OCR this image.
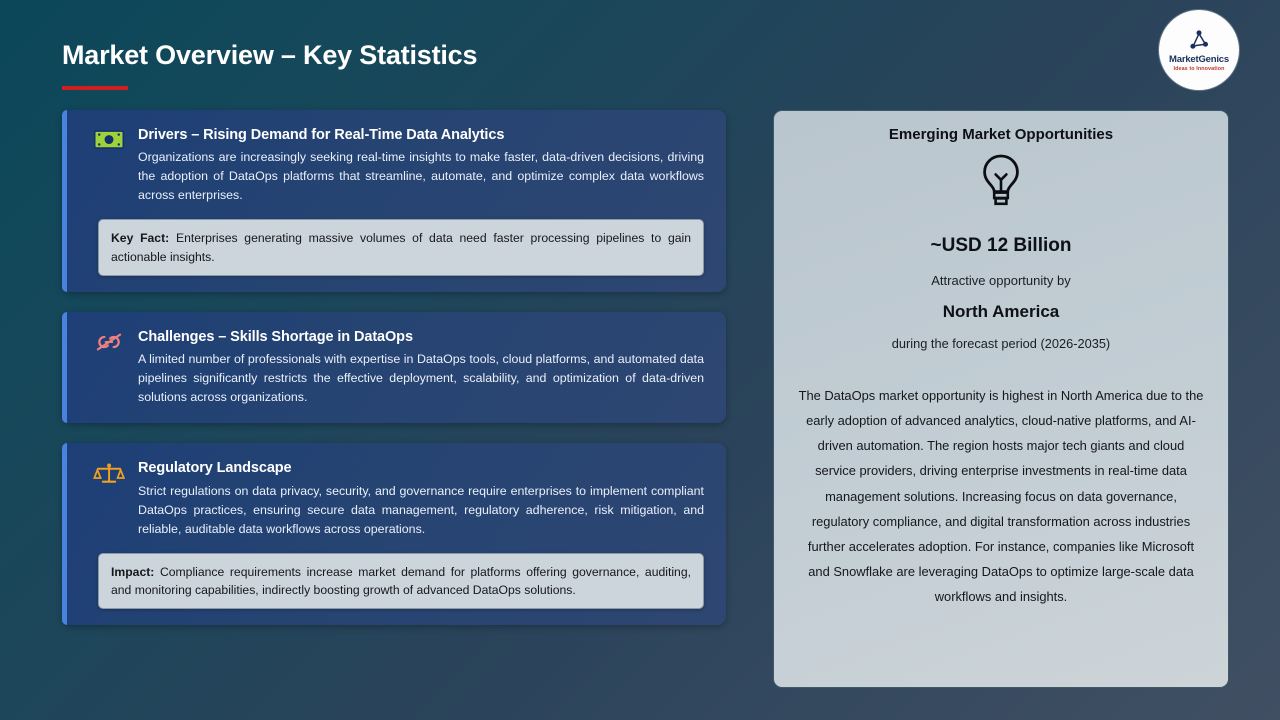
Market Overview – Key Statistics	MarketGenics
Ideas to Innovation
Drivers – Rising Demand for Real-Time Data Analytics
Organizations are increasingly seeking real-time insights to make faster, data-driven decisions, driving the adoption of DataOps platforms that streamline, automate, and optimize complex data workflows across enterprises.
Key Fact: Enterprises generating massive volumes of data need faster processing pipelines to gain actionable insights.
Challenges – Skills Shortage in DataOps
A limited number of professionals with expertise in DataOps tools, cloud platforms, and automated data pipelines significantly restricts the effective deployment, scalability, and optimization of data-driven solutions across organizations.
Regulatory Landscape
Strict regulations on data privacy, security, and governance require enterprises to implement compliant DataOps practices, ensuring secure data management, regulatory adherence, risk mitigation, and reliable, auditable data workflows across operations.
Impact: Compliance requirements increase market demand for platforms offering governance, auditing, and monitoring capabilities, indirectly boosting growth of advanced DataOps solutions.
Emerging Market Opportunities
~USD 12 Billion
Attractive opportunity by
North America
during the forecast period (2026-2035)
The DataOps market opportunity is highest in North America due to the early adoption of advanced analytics, cloud-native platforms, and AI-driven automation. The region hosts major tech giants and cloud service providers, driving enterprise investments in real-time data management solutions. Increasing focus on data governance, regulatory compliance, and digital transformation across industries further accelerates adoption. For instance, companies like Microsoft and Snowflake are leveraging DataOps to optimize large-scale data workflows and insights.
